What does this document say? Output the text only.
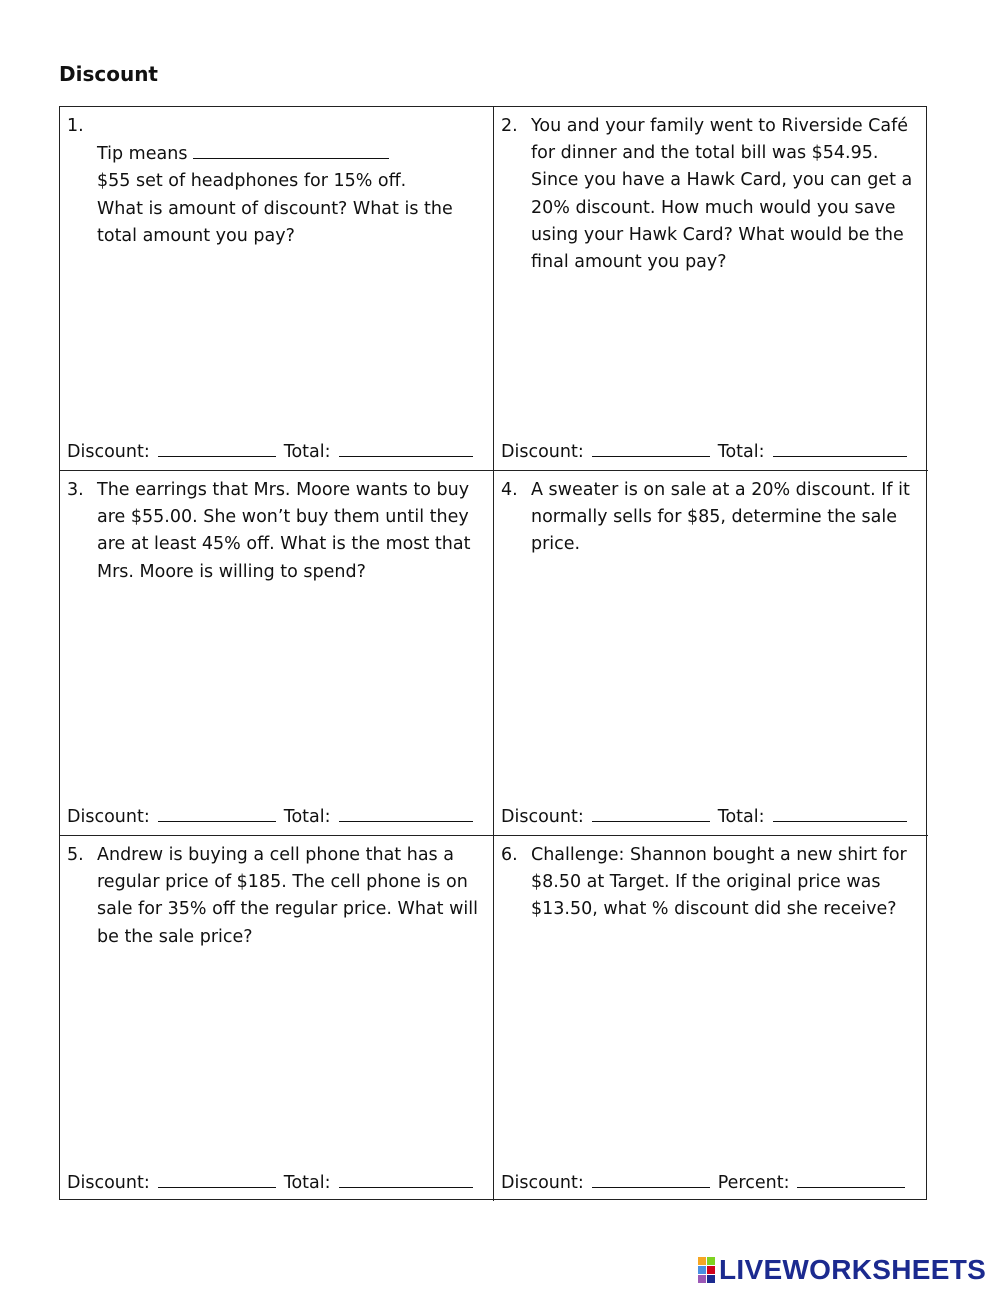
Discount
1.

Tip means
$55 set of headphones for 15% off.
What is amount of discount? What is the total amount you pay?

Discount:	Total:
2. You and your family went to Riverside Café for dinner and the total bill was $54.95. Since you have a Hawk Card, you can get a 20% discount. How much would you save using your Hawk Card? What would be the final amount you pay?
Discount:	Total:
3. The earrings that Mrs. Moore wants to buy are $55.00. She won’t buy them until they are at least 45% off. What is the most that Mrs. Moore is willing to spend?
Discount:	Total:
4. A sweater is on sale at a 20% discount. If it normally sells for $85, determine the sale price.
Discount:	Total:
5. Andrew is buying a cell phone that has a regular price of $185. The cell phone is on sale for 35% off the regular price. What will be the sale price?
Discount:	Total:
6. Challenge: Shannon bought a new shirt for $8.50 at Target. If the original price was $13.50, what % discount did she receive?
Discount:	Percent:
LIVEWORKSHEETS
